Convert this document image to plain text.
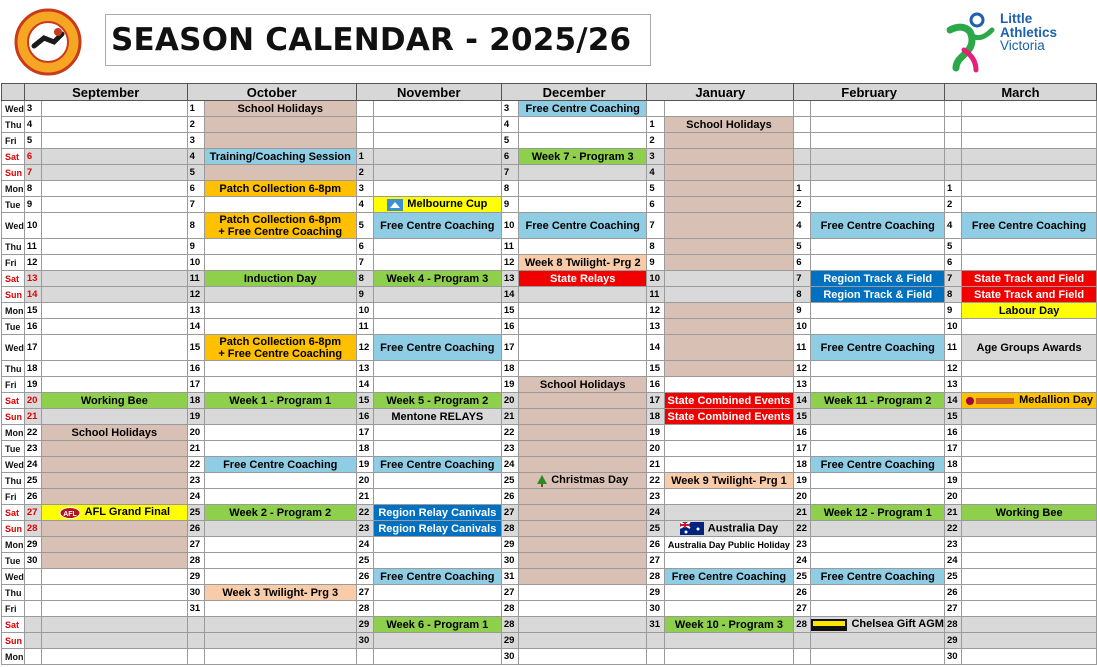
SEASON CALENDAR - 2025/26
Little
Athletics
Victoria
	September		October		November		December		January		February		March	
Wed	3		1	School Holidays			3	Free Centre Coaching						
Thu	4		2				4		1	School Holidays				
Fri	5		3				5		2					
Sat	6		4	Training/Coaching Session	1		6	Week 7 - Program 3	3					
Sun	7		5		2		7		4					
Mon	8		6	Patch Collection 6-8pm	3		8		5		1		1	
Tue	9		7		4	Melbourne Cup	9		6		2		2	
Wed	10		8	Patch Collection 6-8pm
+ Free Centre Coaching	5	Free Centre Coaching	10	Free Centre Coaching	7		4	Free Centre Coaching	4	Free Centre Coaching
Thu	11		9		6		11		8		5		5	
Fri	12		10		7		12	Week 8 Twilight- Prg 2	9		6		6	
Sat	13		11	Induction Day	8	Week 4 - Program 3	13	State Relays	10		7	Region Track & Field	7	State Track and Field
Sun	14		12		9		14		11		8	Region Track & Field	8	State Track and Field
Mon	15		13		10		15		12		9		9	Labour Day
Tue	16		14		11		16		13		10		10	
Wed	17		15	Patch Collection 6-8pm
+ Free Centre Coaching	12	Free Centre Coaching	17		14		11	Free Centre Coaching	11	Age Groups Awards
Thu	18		16		13		18		15		12		12	
Fri	19		17		14		19	School Holidays	16		13		13	
Sat	20	Working Bee	18	Week 1 - Program 1	15	Week 5 - Program 2	20		17	State Combined Events	14	Week 11 - Program 2	14	Medallion Day
Sun	21		19		16	Mentone RELAYS	21		18	State Combined Events	15		15	
Mon	22	School Holidays	20		17		22		19		16		16	
Tue	23		21		18		23		20		17		17	
Wed	24		22	Free Centre Coaching	19	Free Centre Coaching	24		21		18	Free Centre Coaching	18	
Thu	25		23		20		25	Christmas Day	22	Week 9 Twilight- Prg 1	19		19	
Fri	26		24		21		26		23		20		20	
Sat	27	AFL AFL Grand Final	25	Week 2 - Program 2	22	Region Relay Canivals	27		24		21	Week 12 - Program 1	21	Working Bee
Sun	28		26		23	Region Relay Canivals	28		25	Australia Day	22		22	
Mon	29		27		24		29		26	Australia Day Public Holiday	23		23	
Tue	30		28		25		30		27		24		24	
Wed			29		26	Free Centre Coaching	31		28	Free Centre Coaching	25	Free Centre Coaching	25	
Thu			30	Week 3 Twilight- Prg 3	27		27		29		26		26	
Fri			31		28		28		30		27		27	
Sat					29	Week 6 - Program 1	28		31	Week 10 - Program 3	28	Chelsea Gift AGM	28	
Sun					30		29						29	
Mon							30						30	
